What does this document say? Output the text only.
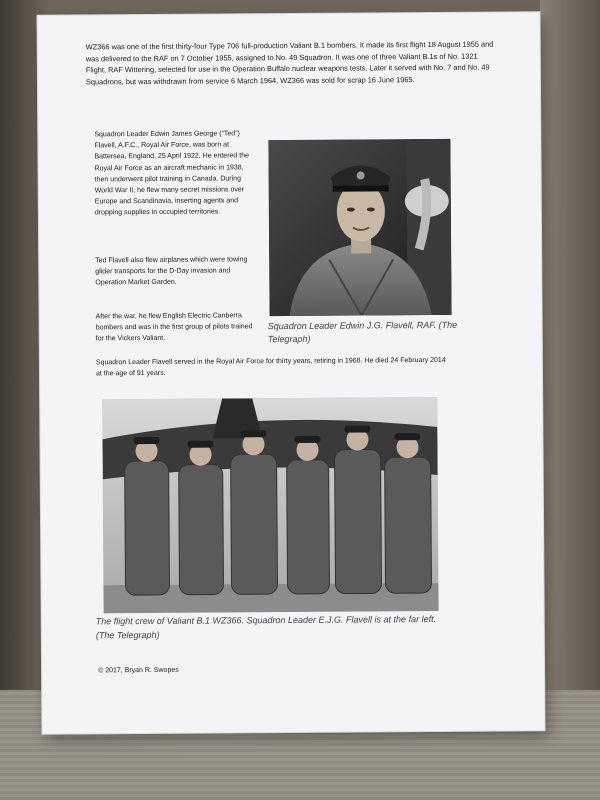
WZ366 was one of the first thirty-four Type 706 full-production Valiant B.1 bombers. It made its first flight 18 August 1955 and was delivered to the RAF on 7 October 1955, assigned to No. 49 Squadron. It was one of three Valiant B.1s of No. 1321 Flight, RAF Wittering, selected for use in the Operation Buffalo nuclear weapons tests. Later it served with No. 7 and No. 49 Squadrons, but was withdrawn from service 6 March 1964. WZ366 was sold for scrap 16 June 1965.

Squadron Leader Edwin James George (“Ted”) Flavell, A.F.C., Royal Air Force, was born at Battersea, England, 25 April 1922. He entered the Royal Air Force as an aircraft mechanic in 1938, then underwent pilot training in Canada. During World War II, he flew many secret missions over Europe and Scandinavia, inserting agents and dropping supplies in occupied territories.

Ted Flavell also flew airplanes which were towing glider transports for the D-Day invasion and Operation Market Garden.

After the war, he flew English Electric Canberra bombers and was in the first group of pilots trained for the Vickers Valiant.

Squadron Leader Flavell served in the Royal Air Force for thirty years, retiring in 1968. He died 24 February 2014 at the age of 91 years.

Squadron Leader Edwin J.G. Flavell, RAF. (The Telegraph)

The flight crew of Valiant B.1 WZ366. Squadron Leader E.J.G. Flavell is at the far left. (The Telegraph)

© 2017, Bryan R. Swopes
